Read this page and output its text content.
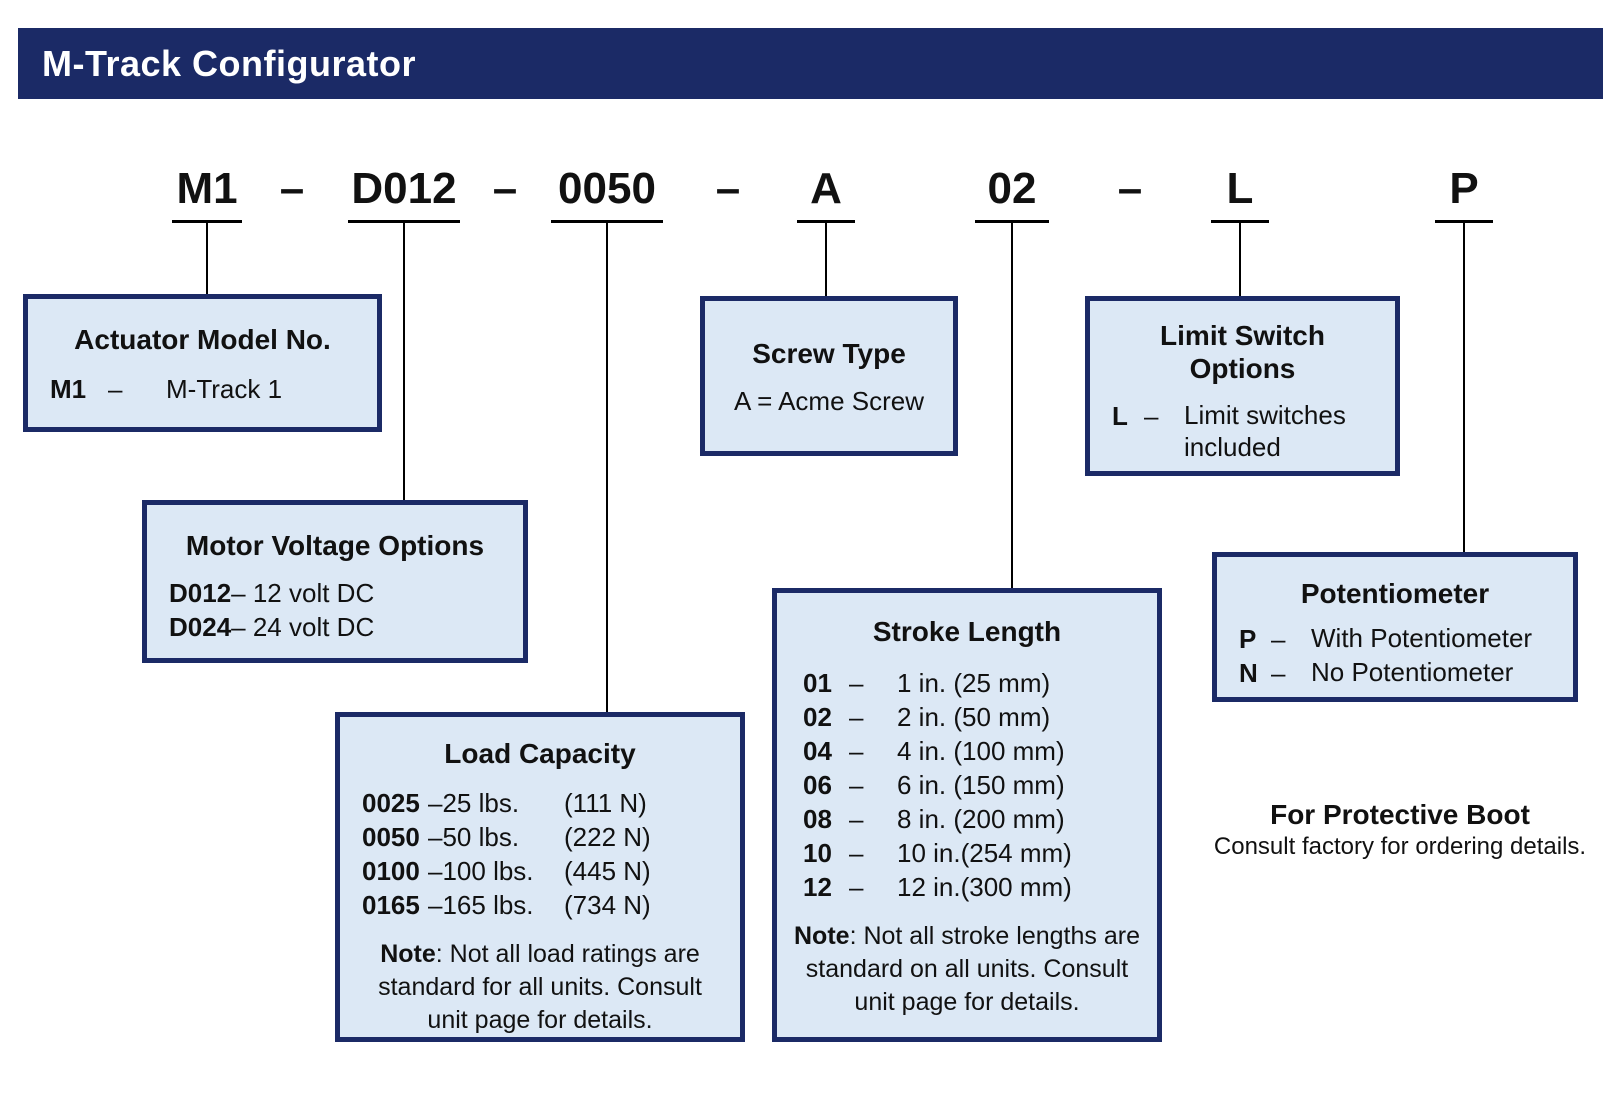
M-Track Configurator
M1 – D012 – 0050 – A	02 –	L	P
Actuator Model No.
M1 –	M-Track 1
Motor Voltage Options
D012 – 12 volt DC
D024 – 24 volt DC
Load Capacity
0025 –25 lbs.	(111 N)
0050 –50 lbs.	(222 N)
0100 –100 lbs.	(445 N)
0165 –165 lbs.	(734 N)
Note: Not all load ratings are standard for all units. Consult unit page for details.
Screw Type
A = Acme Screw
Stroke Length
01 –	1 in. (25 mm)
02 –	2 in. (50 mm)
04 –	4 in. (100 mm)
06 –	6 in. (150 mm)
08 –	8 in. (200 mm)
10 –	10 in.(254 mm)
12 –	12 in.(300 mm)
Note: Not all stroke lengths are standard on all units. Consult unit page for details.
Limit Switch Options
L – Limit switches included
Potentiometer
P – With Potentiometer
N – No Potentiometer
For Protective Boot
Consult factory for ordering details.
